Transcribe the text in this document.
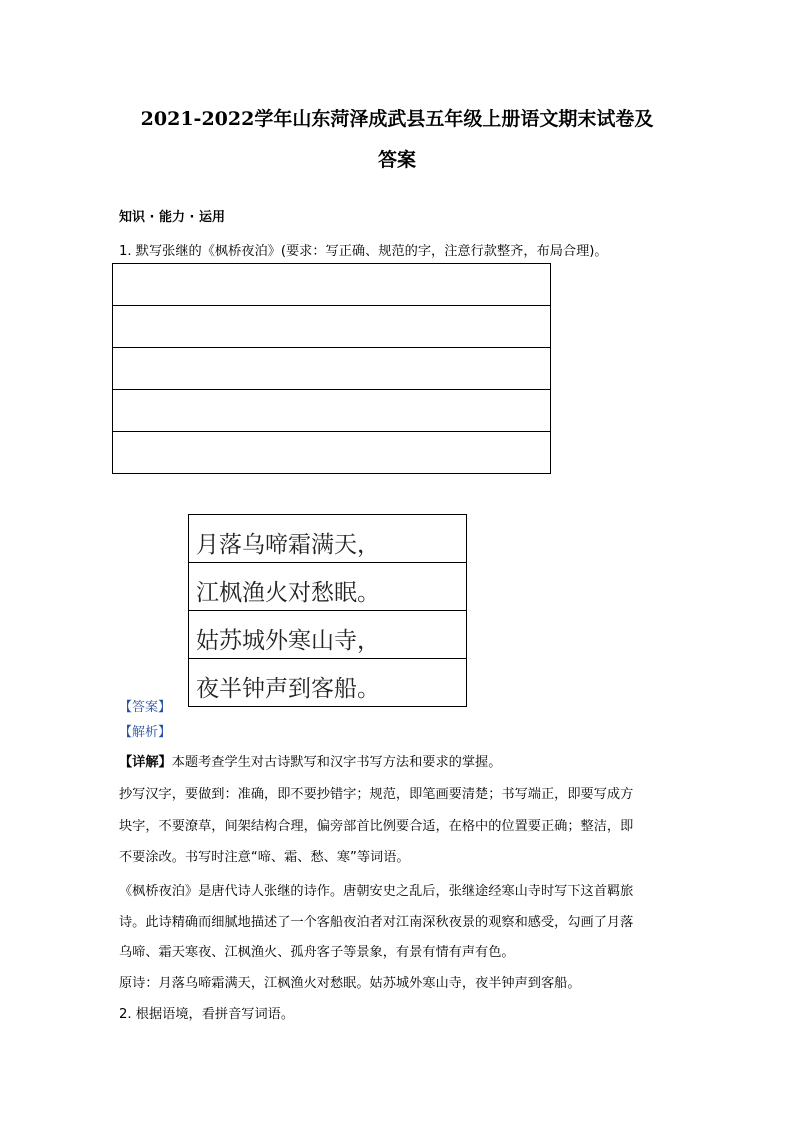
2021-2022学年山东菏泽成武县五年级上册语文期末试卷及
答案
知识 · 能力 · 运用
1. 默写张继的《枫桥夜泊》(要求：写正确、规范的字，注意行款整齐，布局合理)。
月落乌啼霜满天，
江枫渔火对愁眠。
姑苏城外寒山寺，
夜半钟声到客船。
【答案】
【解析】
【详解】本题考查学生对古诗默写和汉字书写方法和要求的掌握。
抄写汉字，要做到：准确，即不要抄错字；规范，即笔画要清楚；书写端正，即要写成方
块字，不要潦草，间架结构合理，偏旁部首比例要合适，在格中的位置要正确；整洁，即
不要涂改。书写时注意“啼、霜、愁、寒”等词语。
《枫桥夜泊》是唐代诗人张继的诗作。唐朝安史之乱后，张继途经寒山寺时写下这首羁旅
诗。此诗精确而细腻地描述了一个客船夜泊者对江南深秋夜景的观察和感受，勾画了月落
乌啼、霜天寒夜、江枫渔火、孤舟客子等景象，有景有情有声有色。
原诗：月落乌啼霜满天，江枫渔火对愁眠。姑苏城外寒山寺，夜半钟声到客船。
2. 根据语境，看拼音写词语。
